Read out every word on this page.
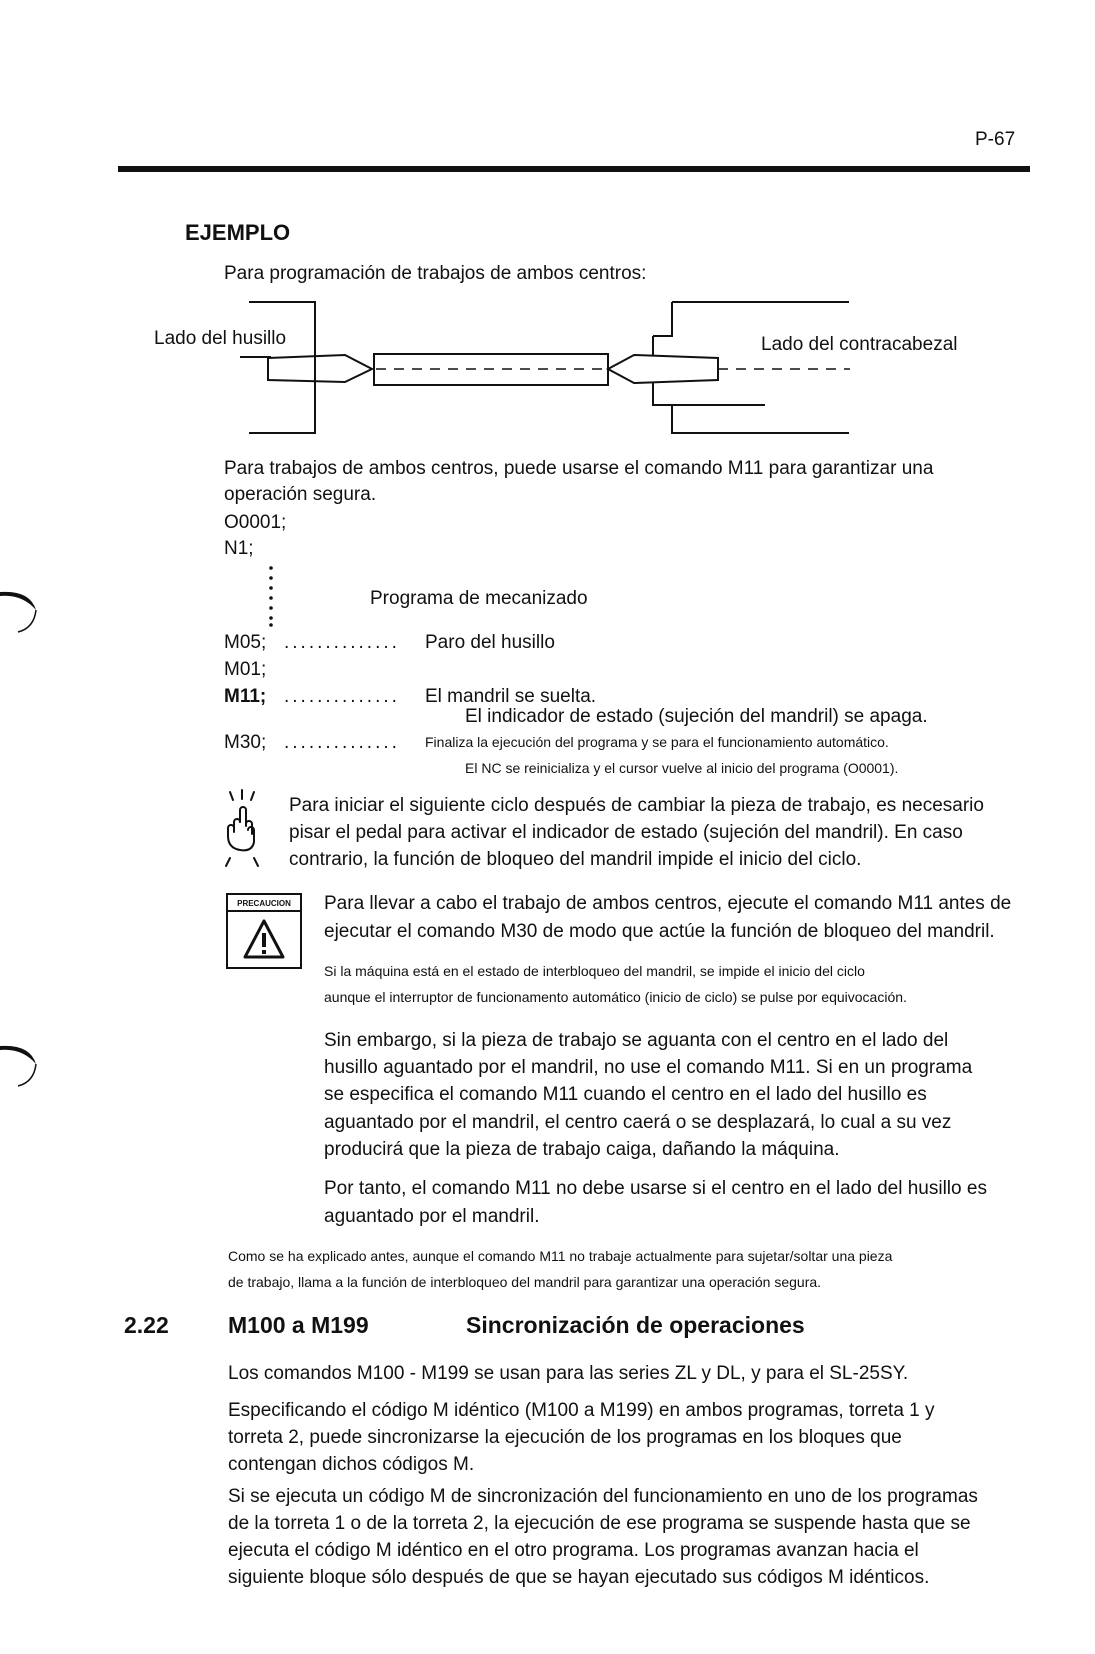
P-67
EJEMPLO
Para programación de trabajos de ambos centros:
Lado del husillo	Lado del contracabezal
Para trabajos de ambos centros, puede usarse el comando M11 para garantizar una
operación segura.
O0001;
N1;
Programa de mecanizado
M05; .............. Paro del husillo
M01;
M11; .............. El mandril se suelta.
El indicador de estado (sujeción del mandril) se apaga.
M30; .............. Finaliza la ejecución del programa y se para el funcionamiento automático.
El NC se reinicializa y el cursor vuelve al inicio del programa (O0001).
Para iniciar el siguiente ciclo después de cambiar la pieza de trabajo, es necesario
pisar el pedal para activar el indicador de estado (sujeción del mandril). En caso
contrario, la función de bloqueo del mandril impide el inicio del ciclo.
PRECAUCION	Para llevar a cabo el trabajo de ambos centros, ejecute el comando M11 antes de
ejecutar el comando M30 de modo que actúe la función de bloqueo del mandril.
Si la máquina está en el estado de interbloqueo del mandril, se impide el inicio del ciclo
aunque el interruptor de funcionamento automático (inicio de ciclo) se pulse por equivocación.
Sin embargo, si la pieza de trabajo se aguanta con el centro en el lado del
husillo aguantado por el mandril, no use el comando M11. Si en un programa
se especifica el comando M11 cuando el centro en el lado del husillo es
aguantado por el mandril, el centro caerá o se desplazará, lo cual a su vez
producirá que la pieza de trabajo caiga, dañando la máquina.
Por tanto, el comando M11 no debe usarse si el centro en el lado del husillo es
aguantado por el mandril.
Como se ha explicado antes, aunque el comando M11 no trabaje actualmente para sujetar/soltar una pieza
de trabajo, llama a la función de interbloqueo del mandril para garantizar una operación segura.
2.22	M100 a M199	Sincronización de operaciones
Los comandos M100 - M199 se usan para las series ZL y DL, y para el SL-25SY.
Especificando el código M idéntico (M100 a M199) en ambos programas, torreta 1 y
torreta 2, puede sincronizarse la ejecución de los programas en los bloques que
contengan dichos códigos M.
Si se ejecuta un código M de sincronización del funcionamiento en uno de los programas
de la torreta 1 o de la torreta 2, la ejecución de ese programa se suspende hasta que se
ejecuta el código M idéntico en el otro programa. Los programas avanzan hacia el
siguiente bloque sólo después de que se hayan ejecutado sus códigos M idénticos.
